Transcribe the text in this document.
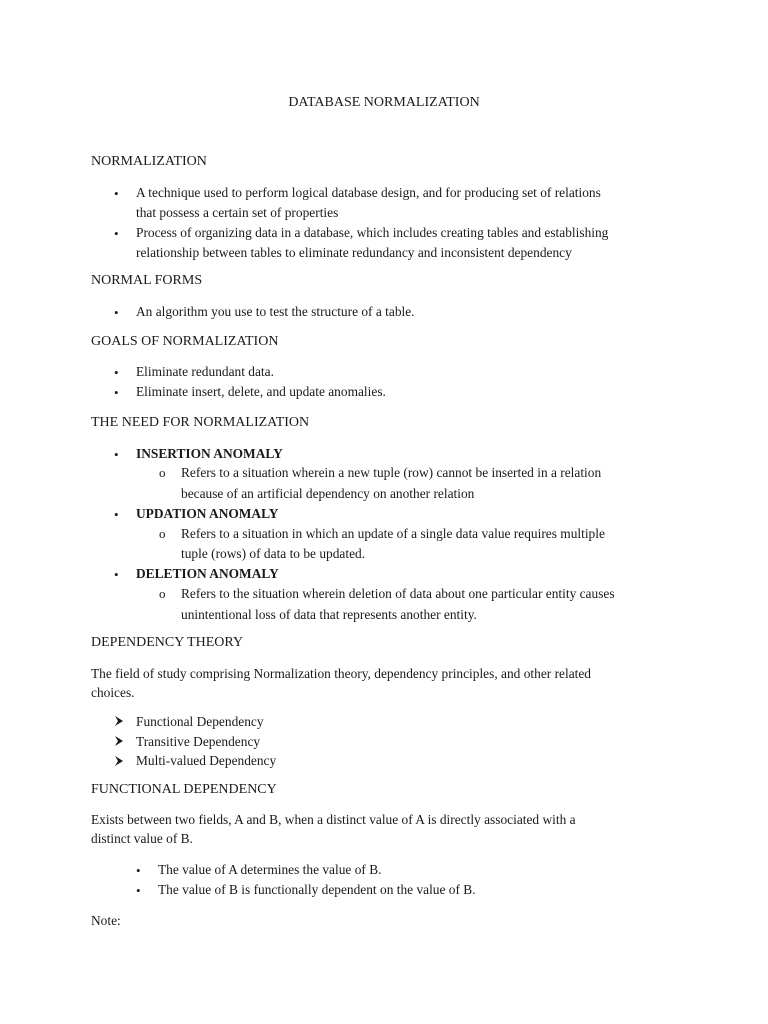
DATABASE NORMALIZATION
NORMALIZATION
• A technique used to perform logical database design, and for producing set of relations
that possess a certain set of properties
• Process of organizing data in a database, which includes creating tables and establishing
relationship between tables to eliminate redundancy and inconsistent dependency
NORMAL FORMS
• An algorithm you use to test the structure of a table.
GOALS OF NORMALIZATION
• Eliminate redundant data.
• Eliminate insert, delete, and update anomalies.
THE NEED FOR NORMALIZATION
• INSERTION ANOMALY
o Refers to a situation wherein a new tuple (row) cannot be inserted in a relation
because of an artificial dependency on another relation
• UPDATION ANOMALY
o Refers to a situation in which an update of a single data value requires multiple
tuple (rows) of data to be updated.
• DELETION ANOMALY
o Refers to the situation wherein deletion of data about one particular entity causes
unintentional loss of data that represents another entity.
DEPENDENCY THEORY
The field of study comprising Normalization theory, dependency principles, and other related
choices.
Functional Dependency
Transitive Dependency
Multi-valued Dependency
FUNCTIONAL DEPENDENCY
Exists between two fields, A and B, when a distinct value of A is directly associated with a
distinct value of B.
• The value of A determines the value of B.
• The value of B is functionally dependent on the value of B.
Note:
